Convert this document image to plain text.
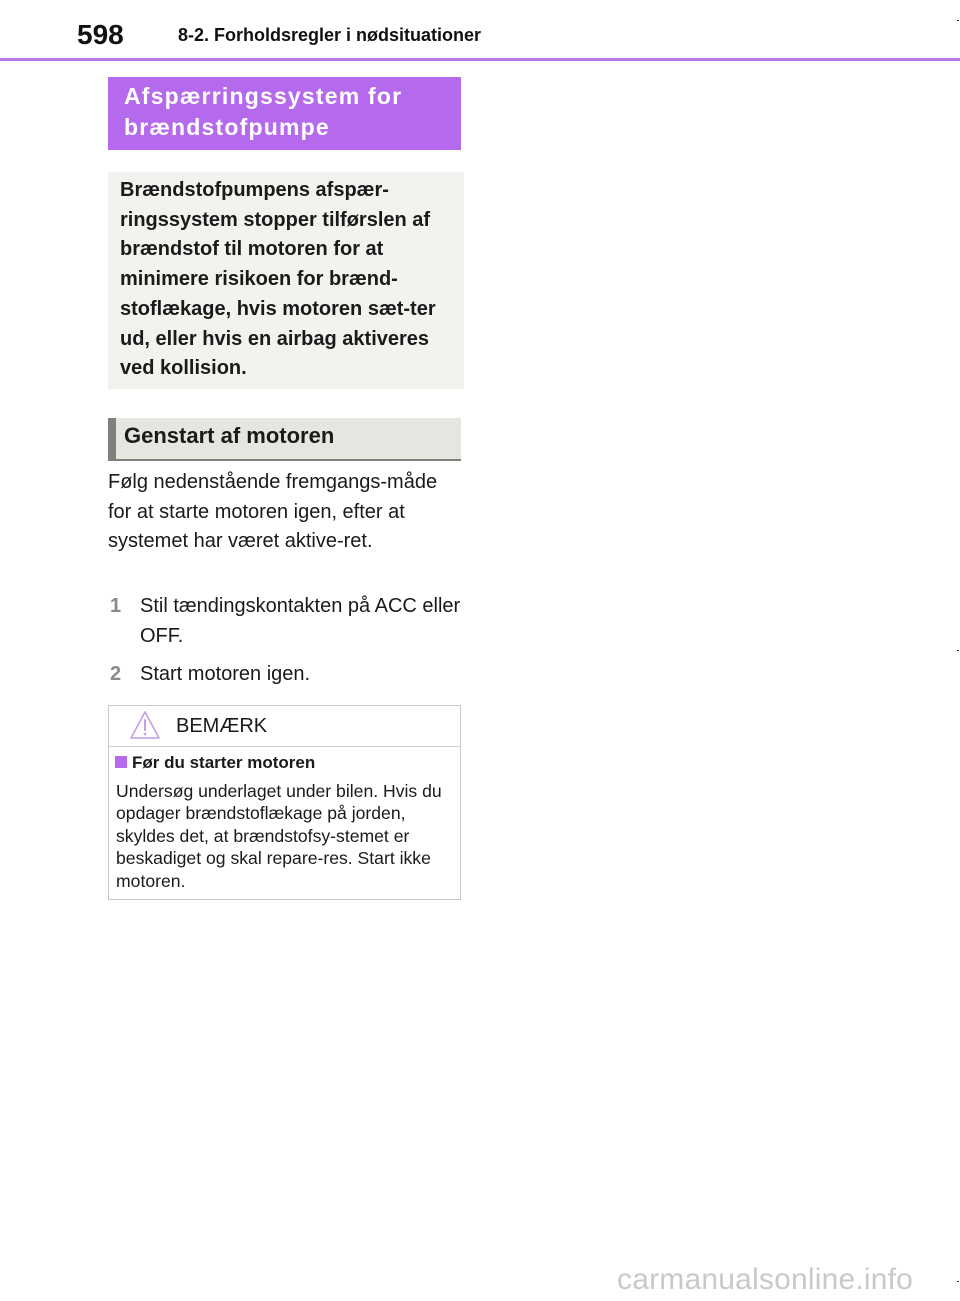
598	8-2. Forholdsregler i nødsituationer
Afspærringssystem for
brændstofpumpe

Brændstofpumpens afspær-ringssystem stopper tilførslen af brændstof til motoren for at minimere risikoen for brænd-stoflækage, hvis motoren sæt-ter ud, eller hvis en airbag aktiveres ved kollision.

Genstart af motoren

Følg nedenstående fremgangs-måde for at starte motoren igen, efter at systemet har været aktive-ret.

1 Stil tændingskontakten på ACC eller OFF.
2 Start motoren igen.
BEMÆRK
Før du starter motoren

Undersøg underlaget under bilen. Hvis du opdager brændstoflækage på jorden, skyldes det, at brændstofsy-stemet er beskadiget og skal repare-res. Start ikke motoren.

carmanualsonline.info
